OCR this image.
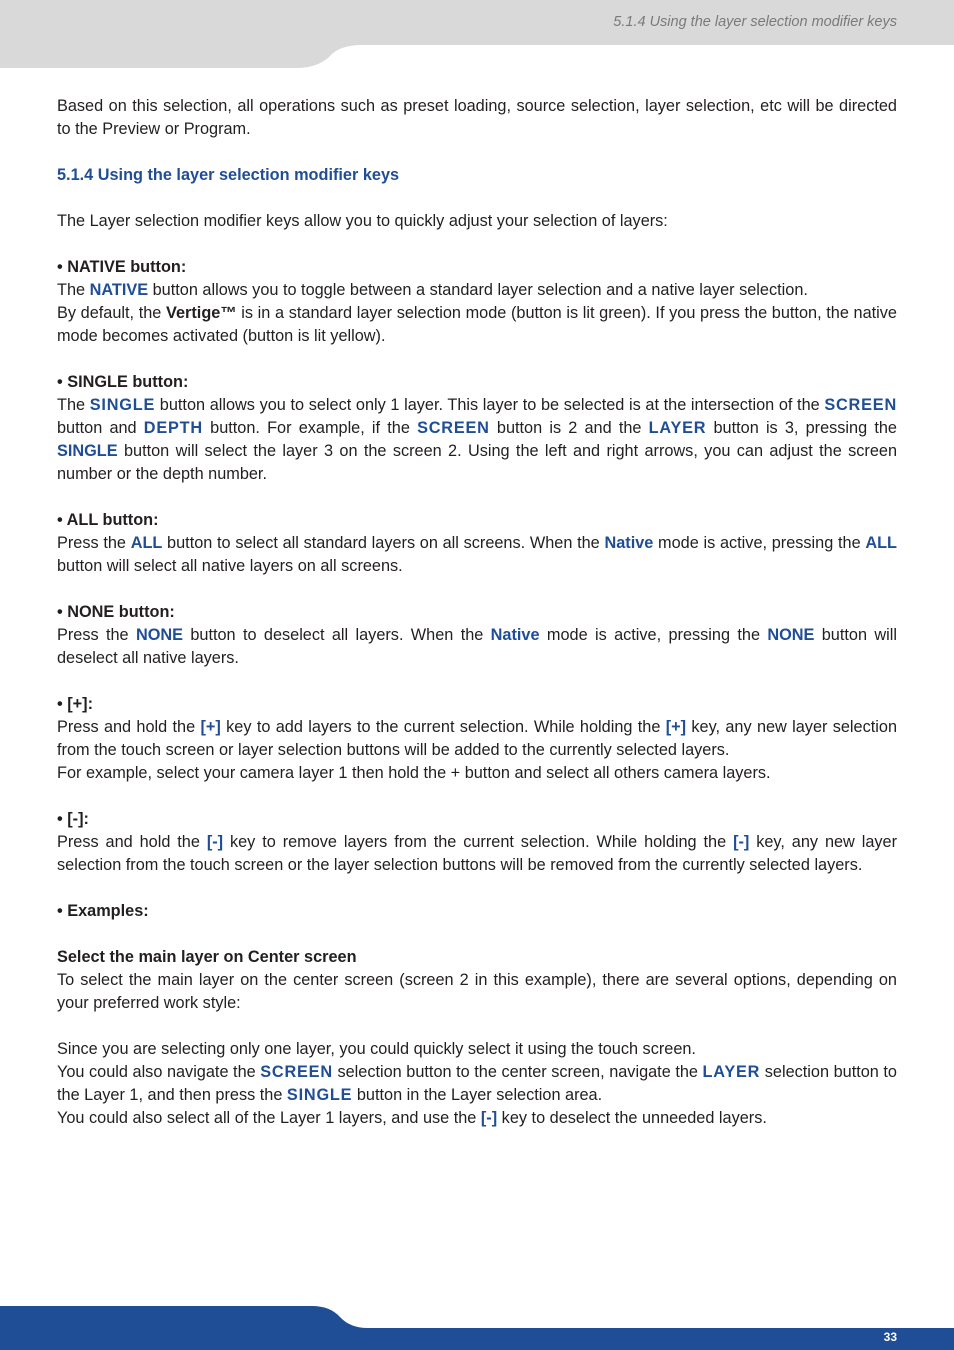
5.1.4 Using the layer selection modifier keys

Based on this selection, all operations such as preset loading, source selection, layer selection, etc will be directed to the Preview or Program.

5.1.4 Using the layer selection modifier keys

The Layer selection modifier keys allow you to quickly adjust your selection of layers:

• NATIVE button:

The NATIVE button allows you to toggle between a standard layer selection and a native layer selection.

By default, the Vertige™ is in a standard layer selection mode (button is lit green). If you press the button, the native mode becomes activated (button is lit yellow).

• SINGLE button:

The SINGLE button allows you to select only 1 layer. This layer to be selected is at the intersection of the SCREEN button and DEPTH button. For example, if the SCREEN button is 2 and the LAYER button is 3, pressing the SINGLE button will select the layer 3 on the screen 2. Using the left and right arrows, you can adjust the screen number or the depth number.

• ALL button:

Press the ALL button to select all standard layers on all screens. When the Native mode is active, pressing the ALL button will select all native layers on all screens.

• NONE button:

Press the NONE button to deselect all layers. When the Native mode is active, pressing the NONE button will deselect all native layers.

• [+]:

Press and hold the [+] key to add layers to the current selection. While holding the [+] key, any new layer selection from the touch screen or layer selection buttons will be added to the currently selected layers.

For example, select your camera layer 1 then hold the + button and select all others camera layers.

• [-]:

Press and hold the [-] key to remove layers from the current selection. While holding the [-] key, any new layer selection from the touch screen or the layer selection buttons will be removed from the currently selected layers.

• Examples:

Select the main layer on Center screen

To select the main layer on the center screen (screen 2 in this example), there are several options, depending on your preferred work style:

Since you are selecting only one layer, you could quickly select it using the touch screen.

You could also navigate the SCREEN selection button to the center screen, navigate the LAYER selection button to the Layer 1, and then press the SINGLE button in the Layer selection area.

You could also select all of the Layer 1 layers, and use the [-] key to deselect the unneeded layers.

33
